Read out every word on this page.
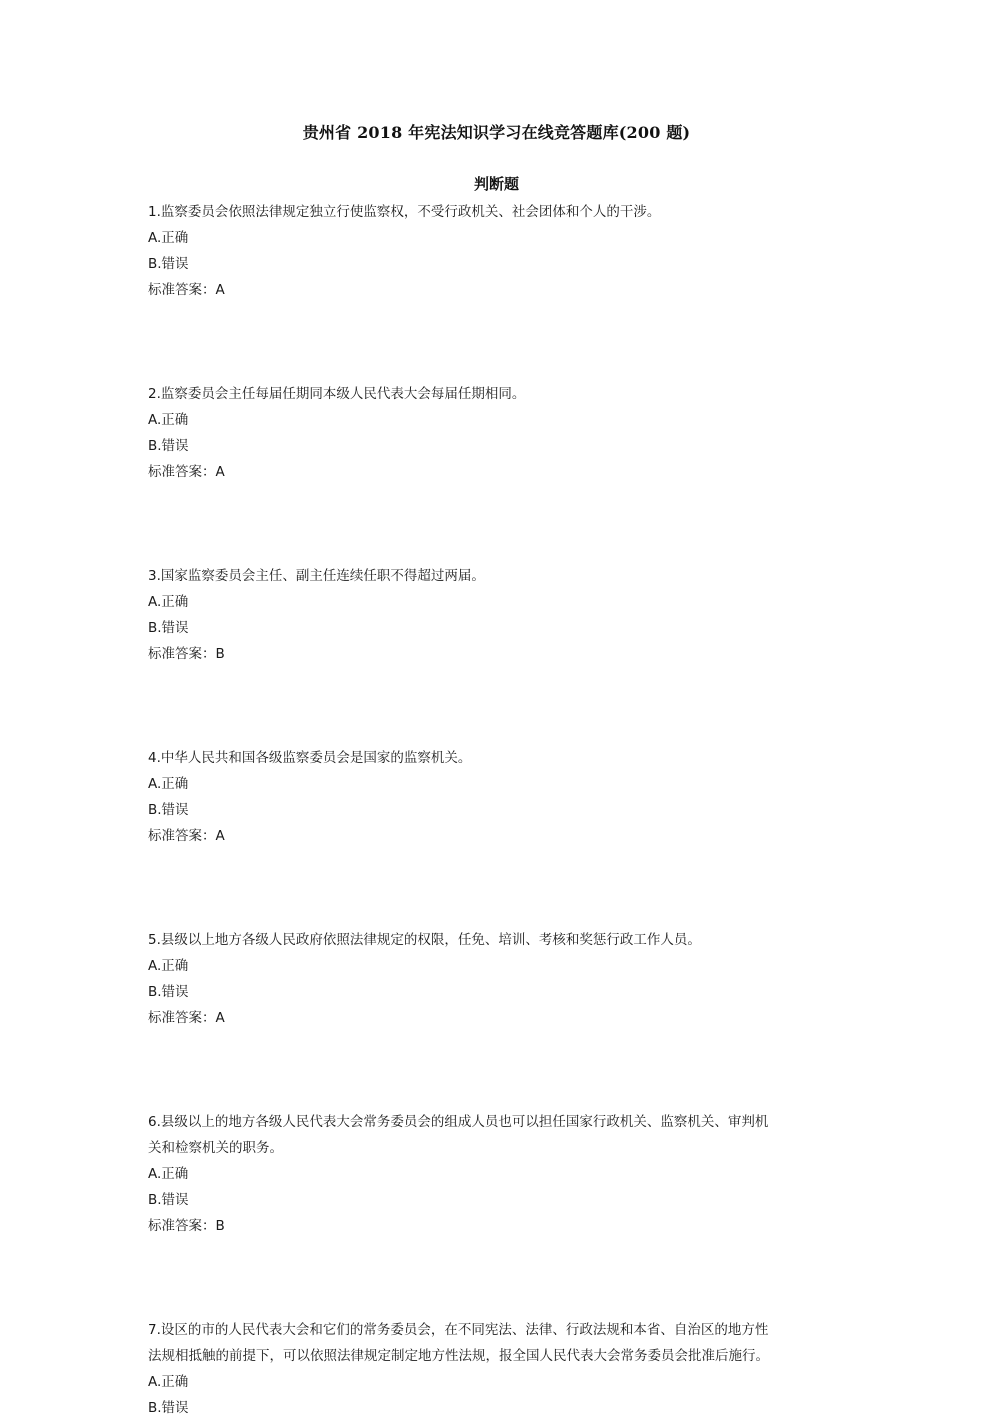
贵州省 2018 年宪法知识学习在线竞答题库(200 题)
判断题
1.监察委员会依照法律规定独立行使监察权，不受行政机关、社会团体和个人的干涉。
A.正确
B.错误
标准答案：A
2.监察委员会主任每届任期同本级人民代表大会每届任期相同。
A.正确
B.错误
标准答案：A
3.国家监察委员会主任、副主任连续任职不得超过两届。
A.正确
B.错误
标准答案：B
4.中华人民共和国各级监察委员会是国家的监察机关。
A.正确
B.错误
标准答案：A
5.县级以上地方各级人民政府依照法律规定的权限，任免、培训、考核和奖惩行政工作人员。
A.正确
B.错误
标准答案：A
6.县级以上的地方各级人民代表大会常务委员会的组成人员也可以担任国家行政机关、监察机关、审判机
关和检察机关的职务。
A.正确
B.错误
标准答案：B
7.设区的市的人民代表大会和它们的常务委员会，在不同宪法、法律、行政法规和本省、自治区的地方性
法规相抵触的前提下，可以依照法律规定制定地方性法规，报全国人民代表大会常务委员会批准后施行。
A.正确
B.错误
